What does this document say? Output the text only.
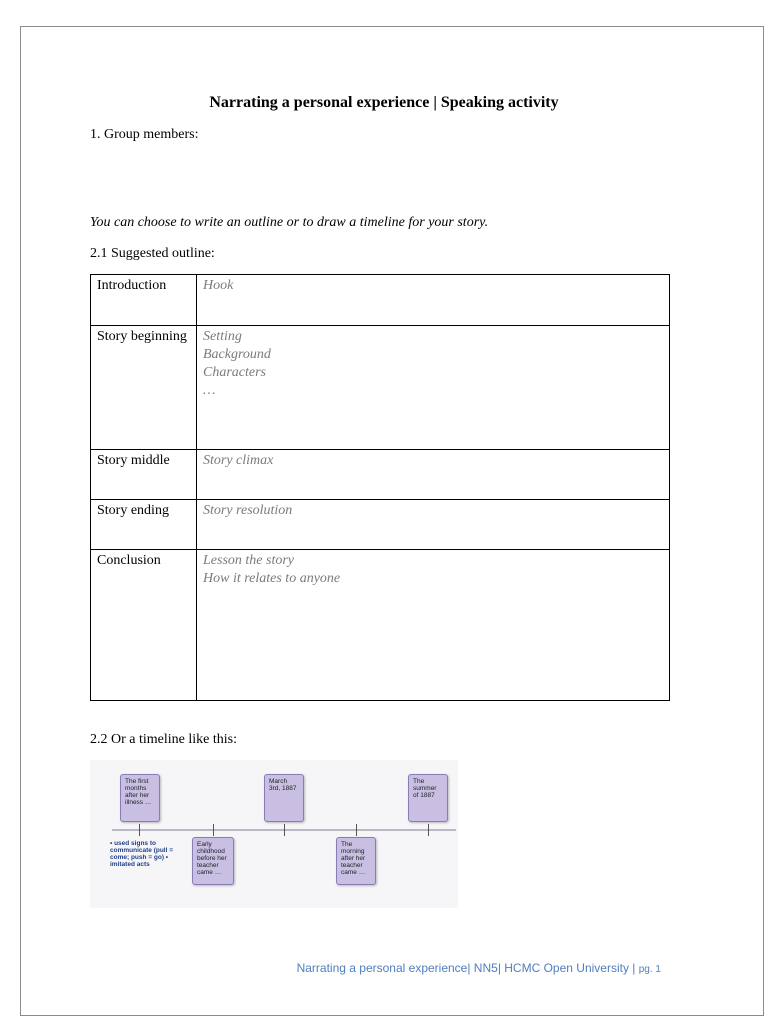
Narrating a personal experience | Speaking activity
1. Group members:
You can choose to write an outline or to draw a timeline for your story.
2.1 Suggested outline:
Introduction	Hook

Story beginning	Setting
Background
Characters
…

Story middle	Story climax

Story ending	Story resolution

Conclusion	Lesson the story
How it relates to anyone
2.2 Or a timeline like this:
The first months after her illness …
Early childhood before her teacher came …
March 3rd, 1887
The morning after her teacher came …
The summer of 1887
• used signs to communicate (pull = come; push = go) • imitated acts
Narrating a personal experience| NN5| HCMC Open University | pg. 1
